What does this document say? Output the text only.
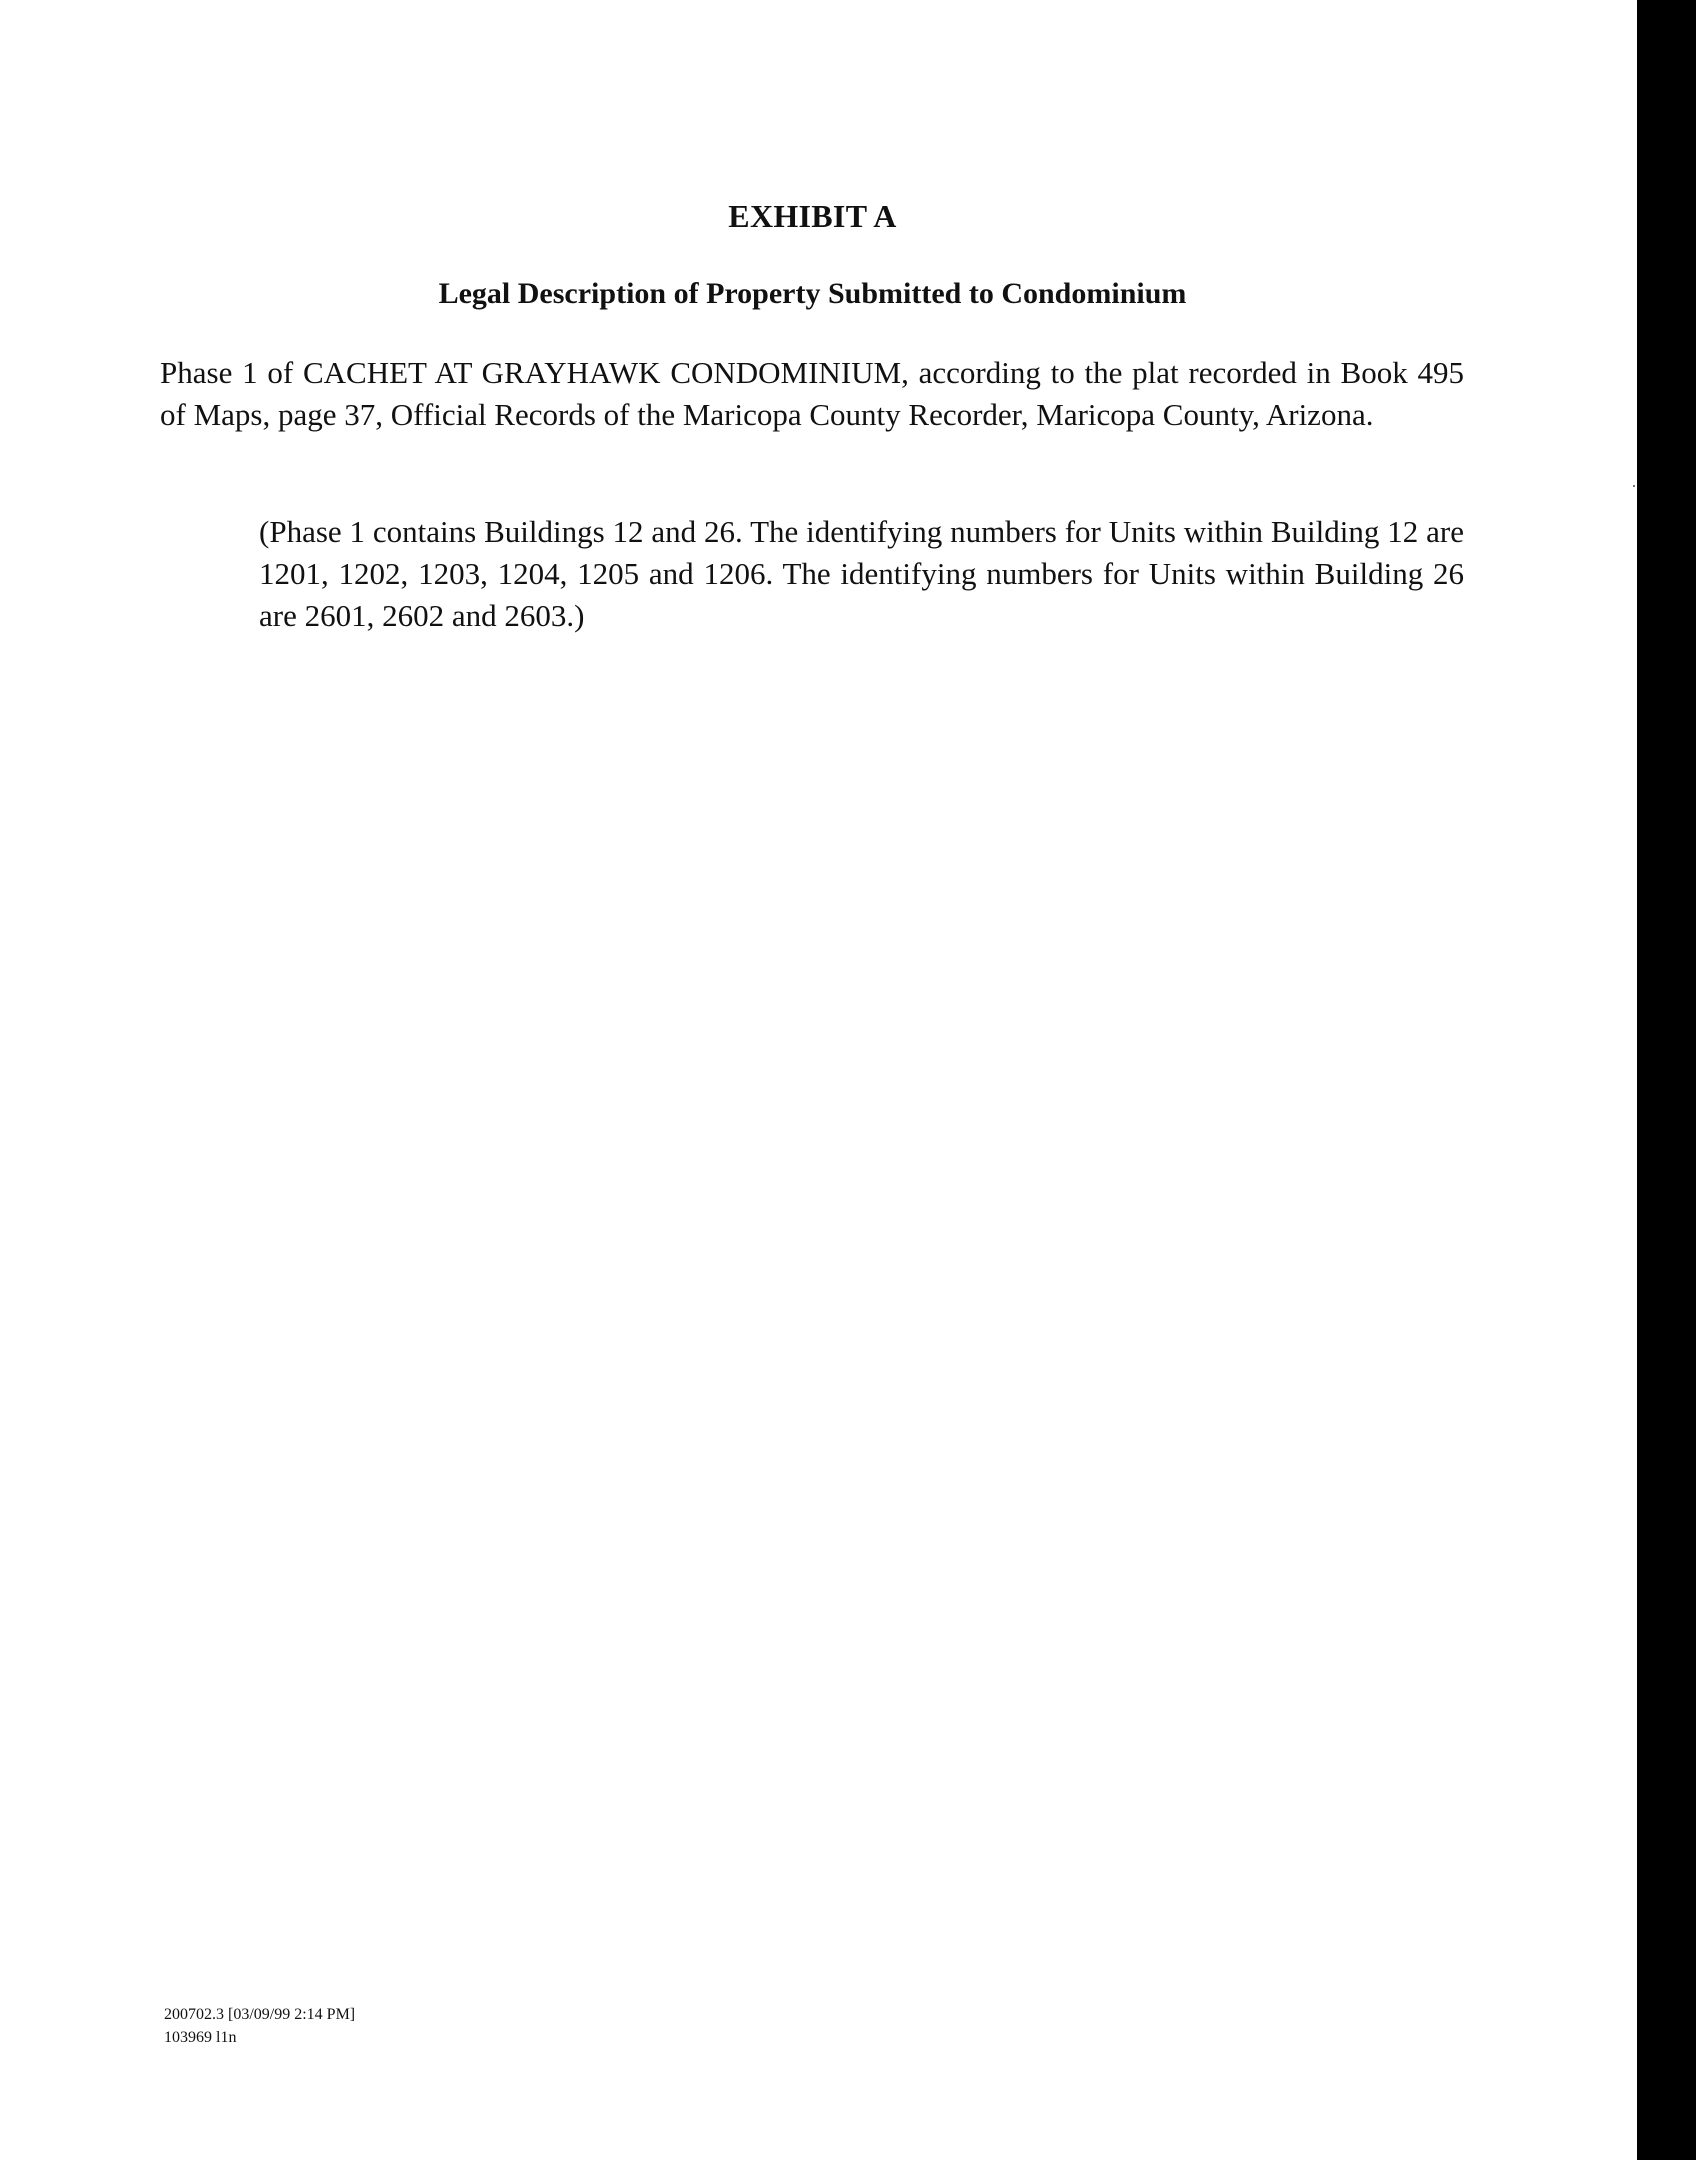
EXHIBIT A
Legal Description of Property Submitted to Condominium

Phase 1 of CACHET AT GRAYHAWK CONDOMINIUM, according to the plat recorded in Book 495 of Maps, page 37, Official Records of the Maricopa County Recorder, Maricopa County, Arizona.

(Phase 1 contains Buildings 12 and 26. The identifying numbers for Units within Building 12 are 1201, 1202, 1203, 1204, 1205 and 1206. The identifying numbers for Units within Building 26 are 2601, 2602 and 2603.)

200702.3 [03/09/99 2:14 PM]
103969 l1n
